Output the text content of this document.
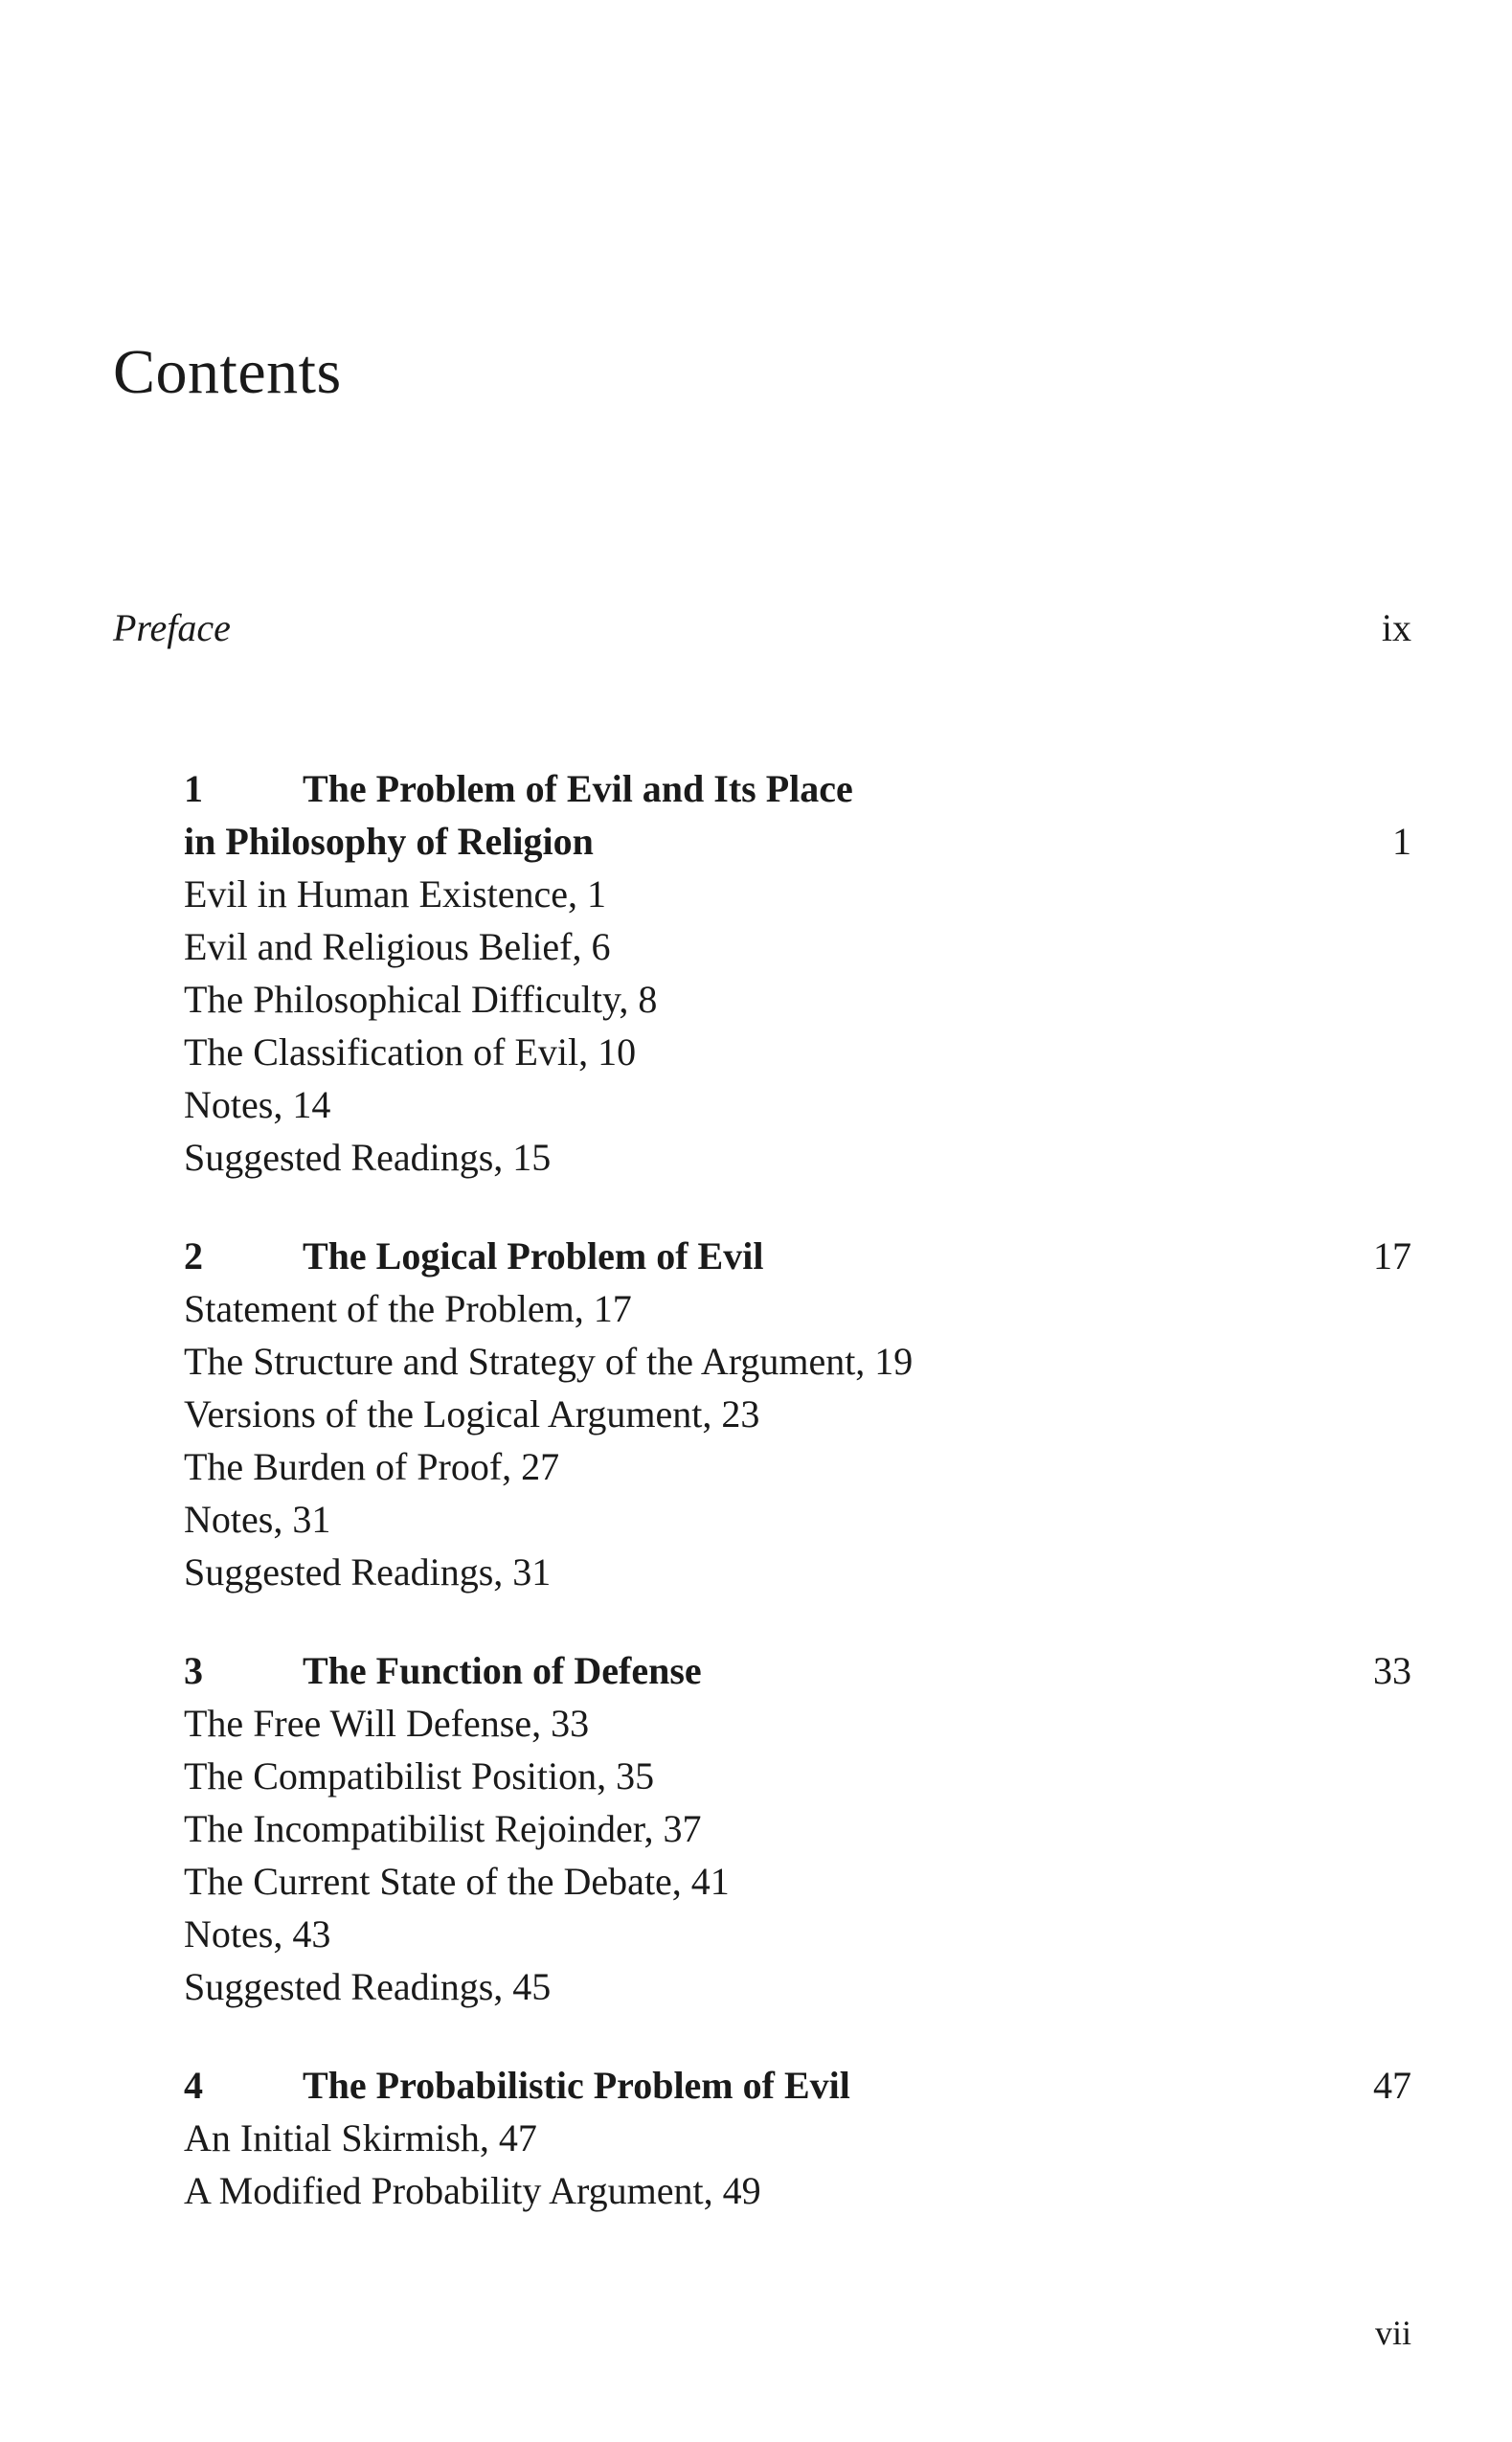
Contents
Preface	ix
1	The Problem of Evil and Its Place
in Philosophy of Religion	1
Evil in Human Existence, 1
Evil and Religious Belief, 6
The Philosophical Difficulty, 8
The Classification of Evil, 10
Notes, 14
Suggested Readings, 15
2	The Logical Problem of Evil	17
Statement of the Problem, 17
The Structure and Strategy of the Argument, 19
Versions of the Logical Argument, 23
The Burden of Proof, 27
Notes, 31
Suggested Readings, 31
3	The Function of Defense	33
The Free Will Defense, 33
The Compatibilist Position, 35
The Incompatibilist Rejoinder, 37
The Current State of the Debate, 41
Notes, 43
Suggested Readings, 45
4	The Probabilistic Problem of Evil	47
An Initial Skirmish, 47
A Modified Probability Argument, 49
vii
